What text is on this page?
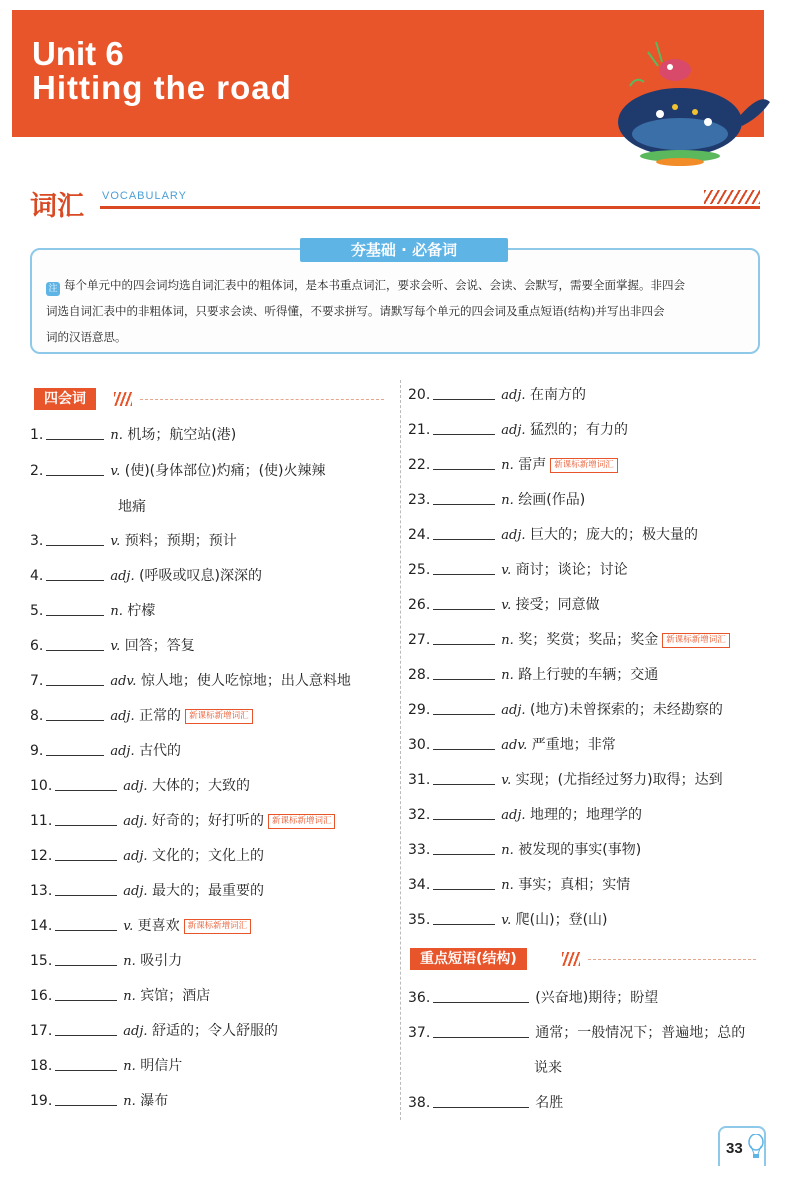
Unit 6
Hitting the road
词汇 VOCABULARY
夯基础 · 必备词
注 每个单元中的四会词均选自词汇表中的粗体词，是本书重点词汇，要求会听、会说、会读、会默写，需要全面掌握。非四会
词选自词汇表中的非粗体词，只要求会读、听得懂，不要求拼写。请默写每个单元的四会词及重点短语(结构)并写出非四会
词的汉语意思。
四会词
1.	n. 机场；航空站(港)
2.	v. (使)(身体部位)灼痛；(使)火辣辣
地痛
3.	v. 预料；预期；预计
4.	adj. (呼吸或叹息)深深的
5.	n. 柠檬
6.	v. 回答；答复
7.	adv. 惊人地；使人吃惊地；出人意料地
8.	adj. 正常的 新课标新增词汇
9.	adj. 古代的
10.	adj. 大体的；大致的
11.	adj. 好奇的；好打听的 新课标新增词汇
12.	adj. 文化的；文化上的
13.	adj. 最大的；最重要的
14.	v. 更喜欢 新课标新增词汇
15.	n. 吸引力
16.	n. 宾馆；酒店
17.	adj. 舒适的；令人舒服的
18.	n. 明信片
19.	n. 瀑布
20.	adj. 在南方的
21.	adj. 猛烈的；有力的
22.	n. 雷声 新课标新增词汇
23.	n. 绘画(作品)
24.	adj. 巨大的；庞大的；极大量的
25.	v. 商讨；谈论；讨论
26.	v. 接受；同意做
27.	n. 奖；奖赏；奖品；奖金 新课标新增词汇
28.	n. 路上行驶的车辆；交通
29.	adj. (地方)未曾探索的；未经勘察的
30.	adv. 严重地；非常
31.	v. 实现；(尤指经过努力)取得；达到
32.	adj. 地理的；地理学的
33.	n. 被发现的事实(事物)
34.	n. 事实；真相；实情
35.	v. 爬(山)；登(山)
重点短语(结构)
36.	(兴奋地)期待；盼望
37.	通常；一般情况下；普遍地；总的
说来
38.	名胜
33
